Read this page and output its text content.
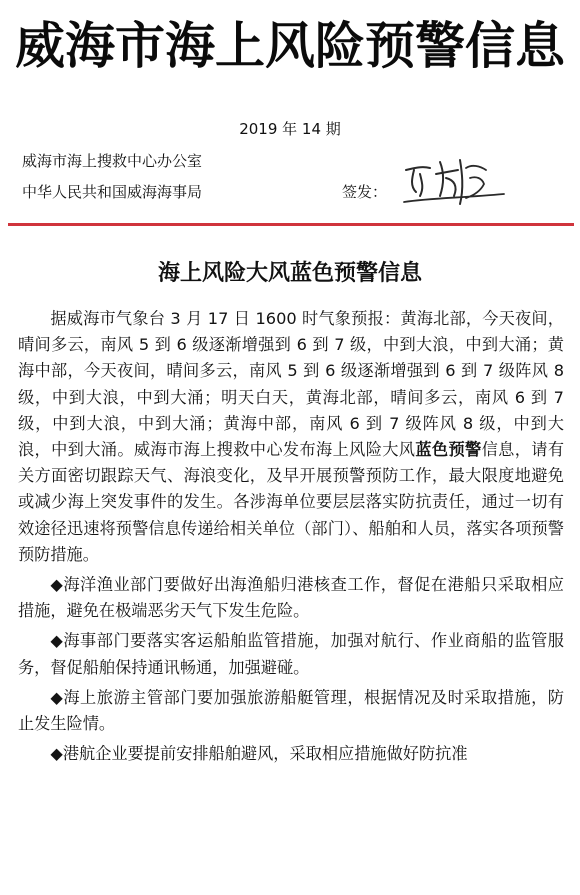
威海市海上风险预警信息
2019 年 14 期
威海市海上搜救中心办公室
中华人民共和国威海海事局	签发：
海上风险大风蓝色预警信息

据威海市气象台 3 月 17 日 1600 时气象预报：黄海北部，今天夜间，晴间多云，南风 5 到 6 级逐渐增强到 6 到 7 级，中到大浪，中到大涌；黄海中部，今天夜间，晴间多云，南风 5 到 6 级逐渐增强到 6 到 7 级阵风 8 级，中到大浪，中到大涌；明天白天，黄海北部，晴间多云，南风 6 到 7 级，中到大浪，中到大涌；黄海中部，南风 6 到 7 级阵风 8 级，中到大浪，中到大涌。威海市海上搜救中心发布海上风险大风蓝色预警信息，请有关方面密切跟踪天气、海浪变化，及早开展预警预防工作，最大限度地避免或减少海上突发事件的发生。各涉海单位要层层落实防抗责任，通过一切有效途径迅速将预警信息传递给相关单位（部门）、船舶和人员，落实各项预警预防措施。

◆海洋渔业部门要做好出海渔船归港核查工作，督促在港船只采取相应措施，避免在极端恶劣天气下发生危险。

◆海事部门要落实客运船舶监管措施，加强对航行、作业商船的监管服务，督促船舶保持通讯畅通，加强避碰。

◆海上旅游主管部门要加强旅游船艇管理，根据情况及时采取措施，防止发生险情。

◆港航企业要提前安排船舶避风，采取相应措施做好防抗准
